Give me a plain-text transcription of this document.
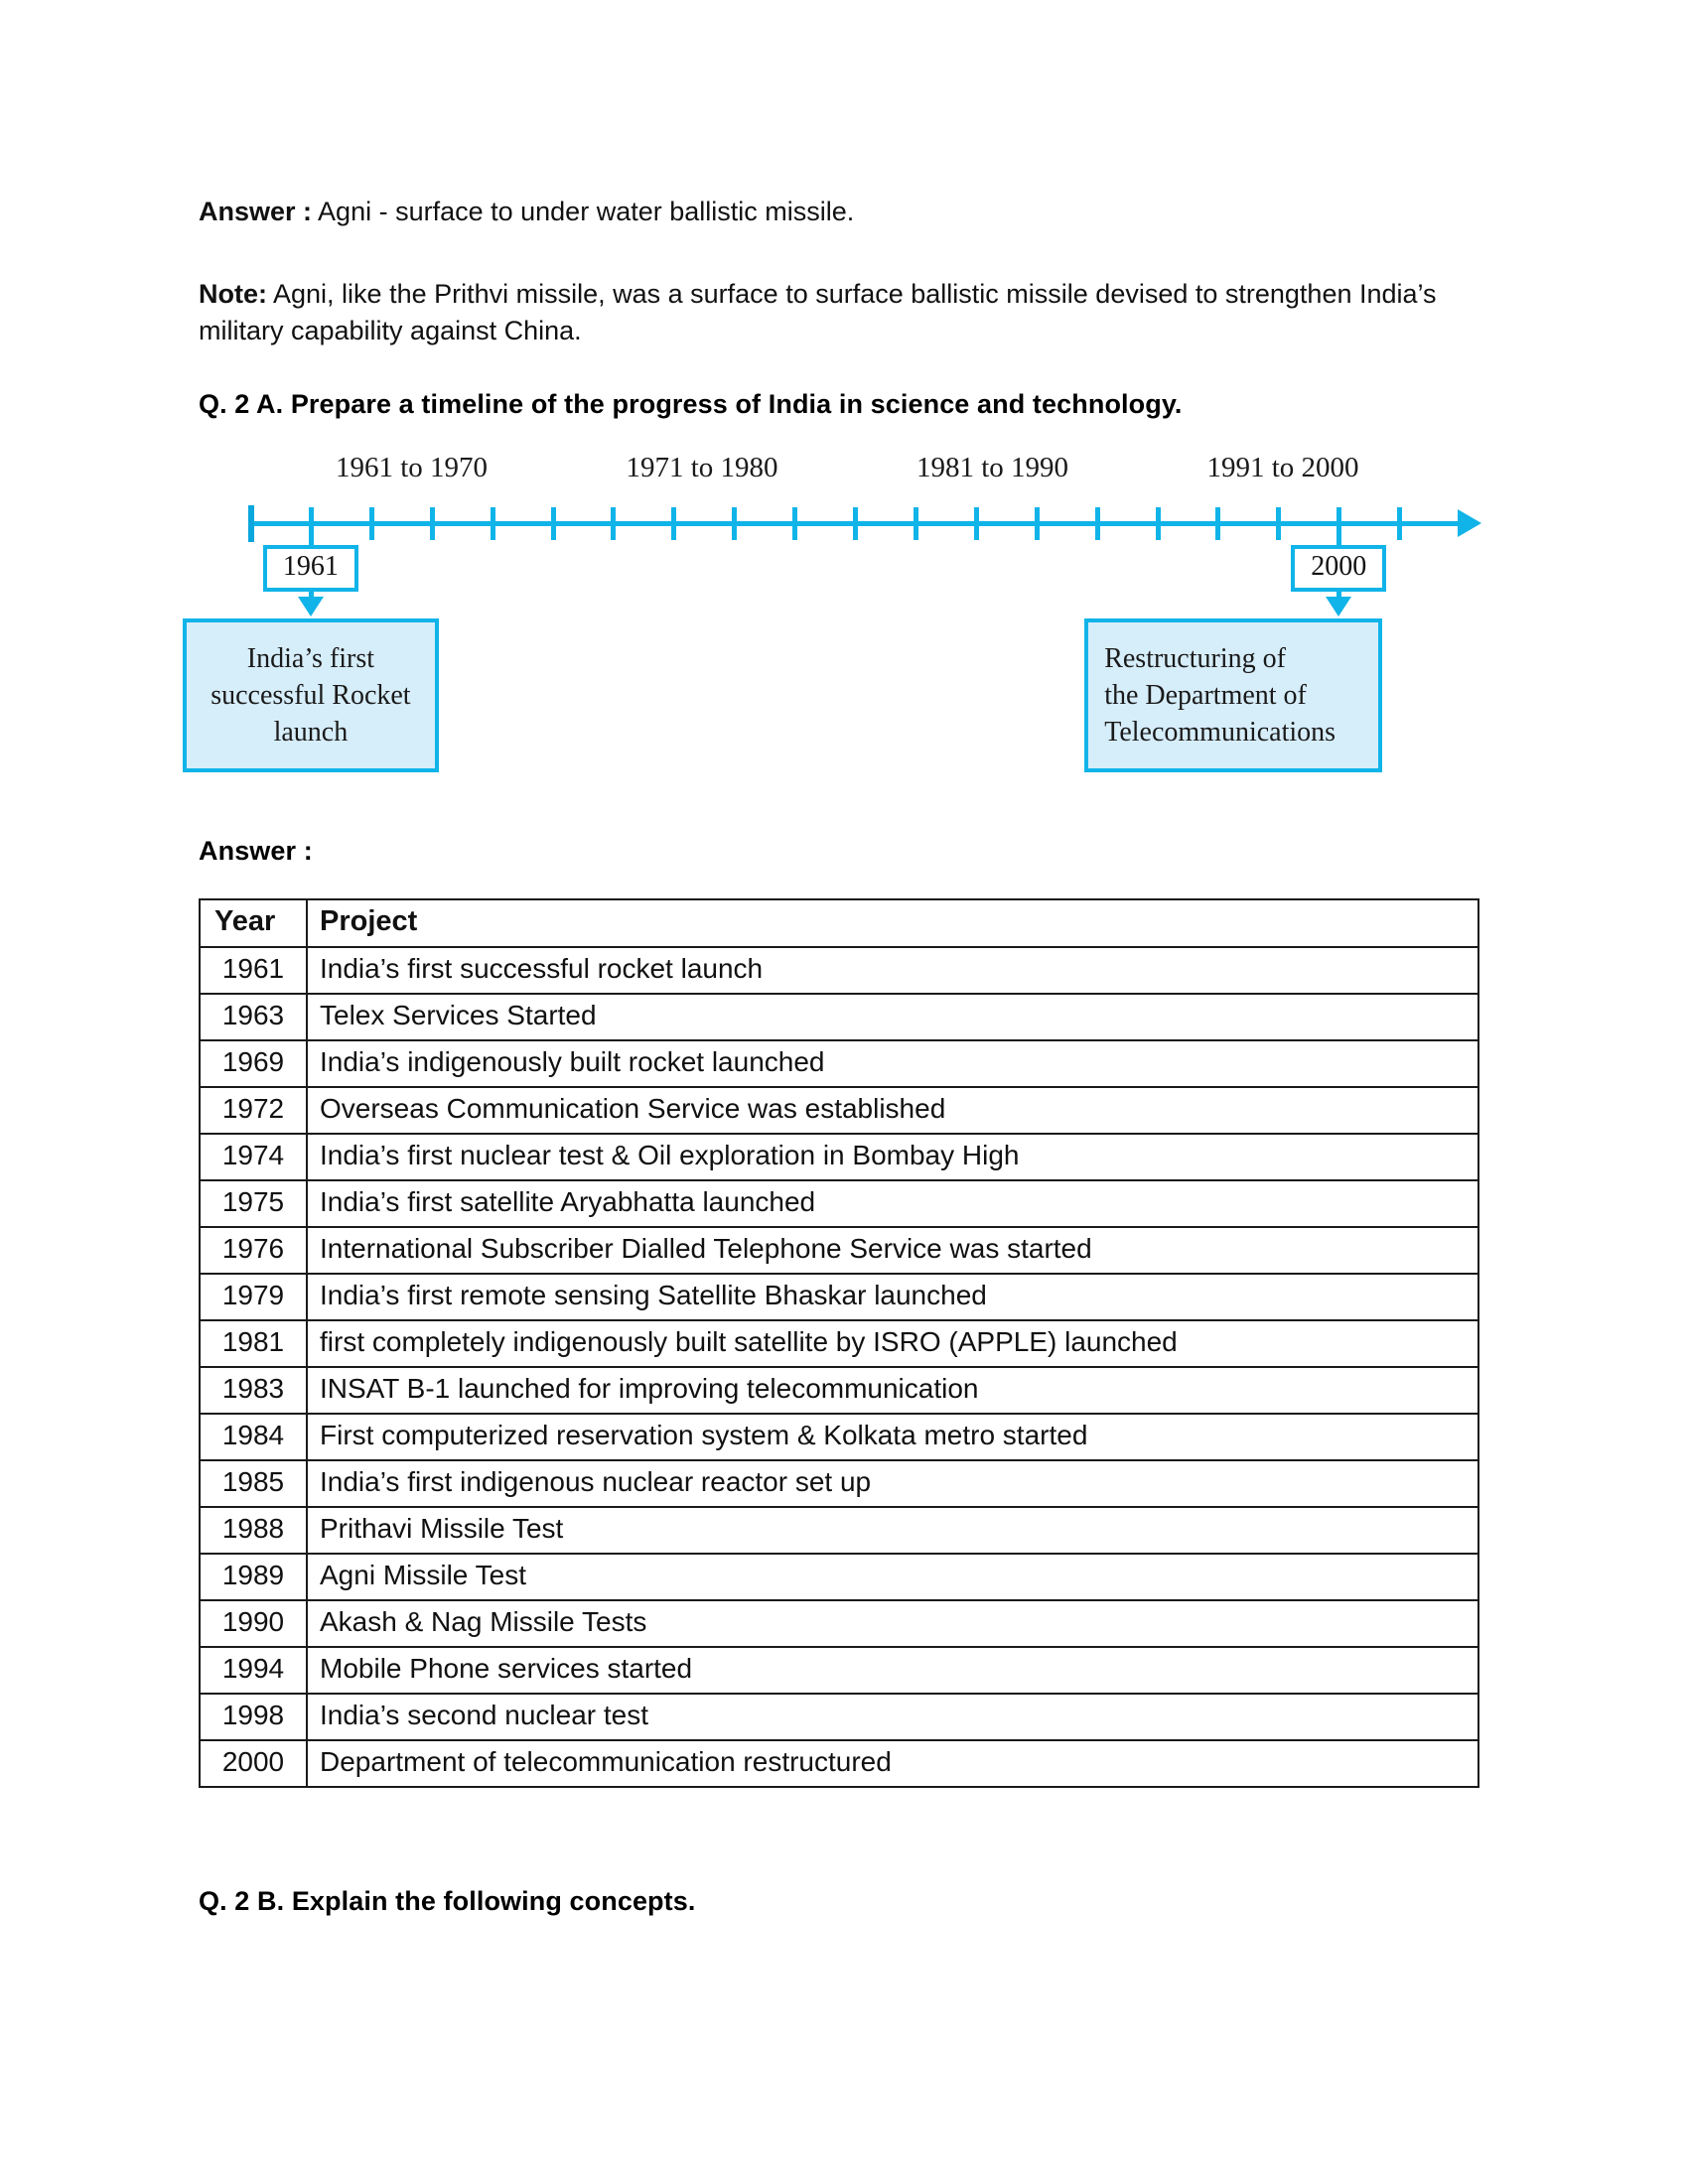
Answer : Agni - surface to under water ballistic missile.
Note: Agni, like the Prithvi missile, was a surface to surface ballistic missile devised to strengthen India’s military capability against China.
Q. 2 A. Prepare a timeline of the progress of India in science and technology.
1961 to 1970	1971 to 1980	1981 to 1990	1991 to 2000
1961
India’s first
successful Rocket
launch
2000
Restructuring of
the Department of
Telecommunications
Answer :
Year	Project
1961	India’s first successful rocket launch
1963	Telex Services Started
1969	India’s indigenously built rocket launched
1972	Overseas Communication Service was established
1974	India’s first nuclear test & Oil exploration in Bombay High
1975	India’s first satellite Aryabhatta launched
1976	International Subscriber Dialled Telephone Service was started
1979	India’s first remote sensing Satellite Bhaskar launched
1981	first completely indigenously built satellite by ISRO (APPLE) launched
1983	INSAT B-1 launched for improving telecommunication
1984	First computerized reservation system & Kolkata metro started
1985	India’s first indigenous nuclear reactor set up
1988	Prithavi Missile Test
1989	Agni Missile Test
1990	Akash & Nag Missile Tests
1994	Mobile Phone services started
1998	India’s second nuclear test
2000	Department of telecommunication restructured
Q. 2 B. Explain the following concepts.
